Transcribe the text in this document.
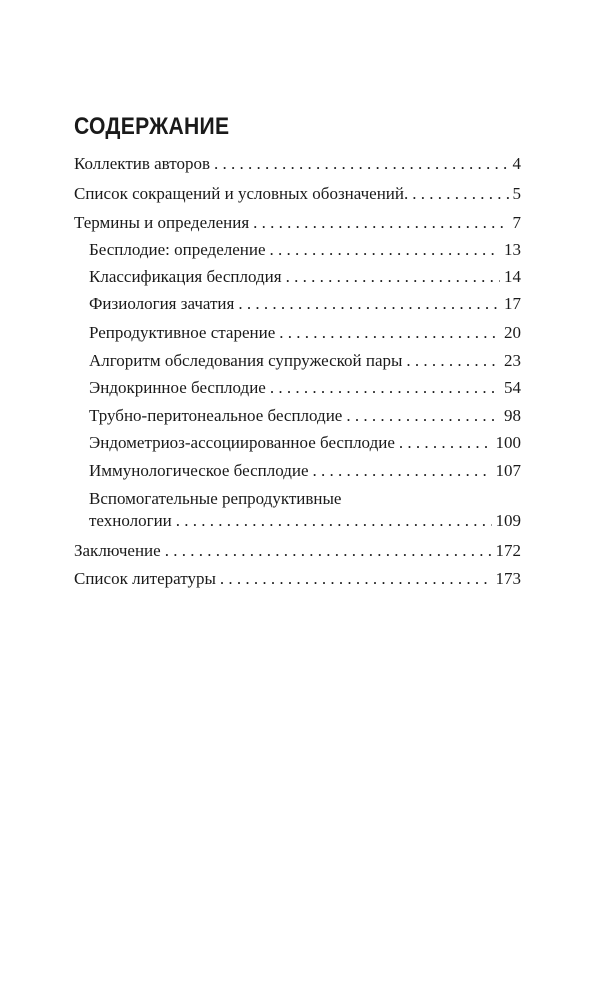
СОДЕРЖАНИЕ
Коллектив авторов . . .	4
Список сокращений и условных обозначений. . . .	5
Термины и определения . . .	7
Бесплодие: определение . . .	13
Классификация бесплодия . . .	14
Физиология зачатия . . .	17
Репродуктивное старение . . .	20
Алгоритм обследования супружеской пары . . .	23
Эндокринное бесплодие . . .	54
Трубно-перитонеальное бесплодие . . .	98
Эндометриоз-ассоциированное бесплодие . . .	100
Иммунологическое бесплодие . . .	107
Вспомогательные репродуктивные
технологии . . .	109
Заключение . . .	172
Список литературы . . .	173
